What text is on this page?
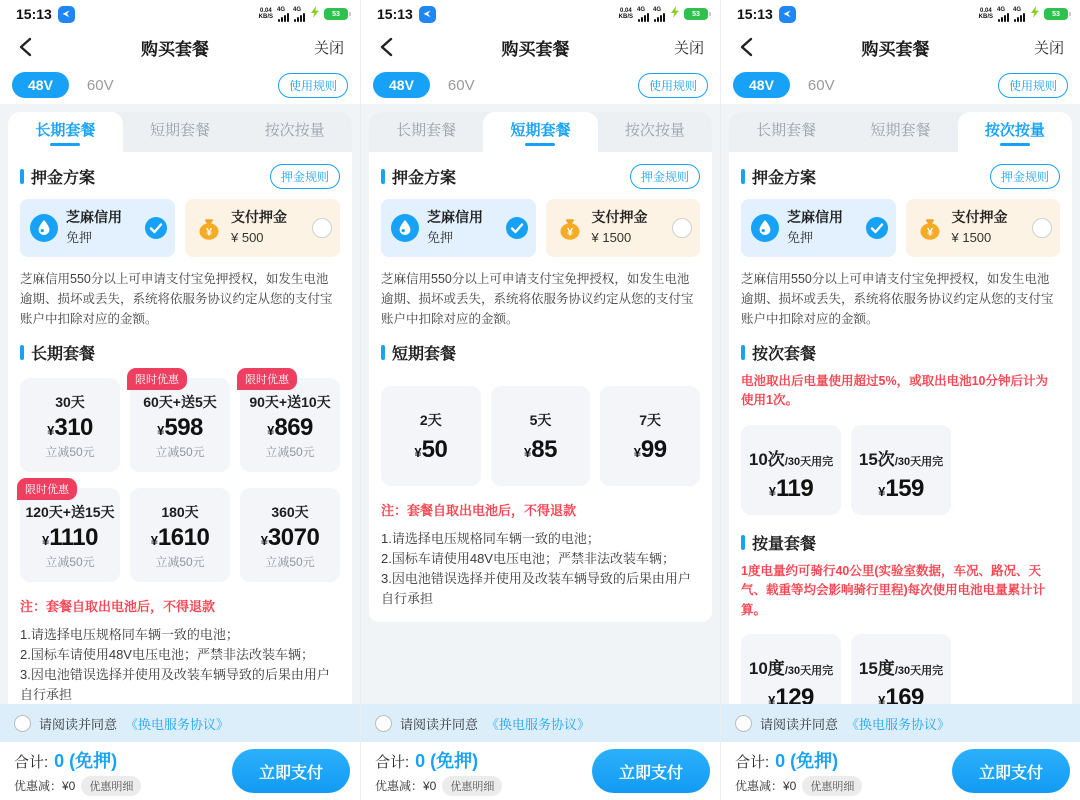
15:13	0.04
KB/S
4G 4G
53
购买套餐	关闭
48V	60V	使用规则
长期套餐	短期套餐	按次按量
押金方案	押金规则
芝麻信用
免押
支付押金
¥ 500
芝麻信用550分以上可申请支付宝免押授权，如发生电池逾期、损坏或丢失，系统将依服务协议约定从您的支付宝账户中扣除对应的金额。
长期套餐
30天
¥310
立减50元
限时优惠
60天+送5天
¥598
立减50元
限时优惠
90天+送10天
¥869
立减50元
限时优惠
120天+送15天
¥1110
立减50元
180天
¥1610
立减50元
360天
¥3070
立减50元
注：套餐自取出电池后，不得退款
1.请选择电压规格同车辆一致的电池；
2.国标车请使用48V电压电池；严禁非法改装车辆；
3.因电池错误选择并使用及改装车辆导致的后果由用户自行承担
请阅读并同意 《换电服务协议》
合计: 0 (免押)
优惠减：¥0	优惠明细
立即支付
15:13	0.04
KB/S
4G 4G
53
购买套餐	关闭
48V	60V	使用规则
长期套餐	短期套餐	按次按量
押金方案	押金规则
芝麻信用
免押
支付押金
¥ 1500
芝麻信用550分以上可申请支付宝免押授权，如发生电池逾期、损坏或丢失，系统将依服务协议约定从您的支付宝账户中扣除对应的金额。
短期套餐
2天
¥50
5天
¥85
7天
¥99
注：套餐自取出电池后，不得退款
1.请选择电压规格同车辆一致的电池；
2.国标车请使用48V电压电池；严禁非法改装车辆；
3.因电池错误选择并使用及改装车辆导致的后果由用户自行承担
请阅读并同意 《换电服务协议》
合计: 0 (免押)
优惠减：¥0	优惠明细
立即支付
15:13	0.04
KB/S
4G 4G
53
购买套餐	关闭
48V	60V	使用规则
长期套餐	短期套餐	按次按量
押金方案	押金规则
芝麻信用
免押
支付押金
¥ 1500
芝麻信用550分以上可申请支付宝免押授权，如发生电池逾期、损坏或丢失，系统将依服务协议约定从您的支付宝账户中扣除对应的金额。
按次套餐
电池取出后电量使用超过5%，或取出电池10分钟后计为使用1次。
10次/30天用完
¥119
15次/30天用完
¥159
按量套餐
1度电量约可骑行40公里(实验室数据，车况、路况、天气、载重等均会影响骑行里程)每次使用电池电量累计计算。
10度/30天用完
¥129
15度/30天用完
¥169
请阅读并同意 《换电服务协议》
合计: 0 (免押)
优惠减：¥0	优惠明细
立即支付
